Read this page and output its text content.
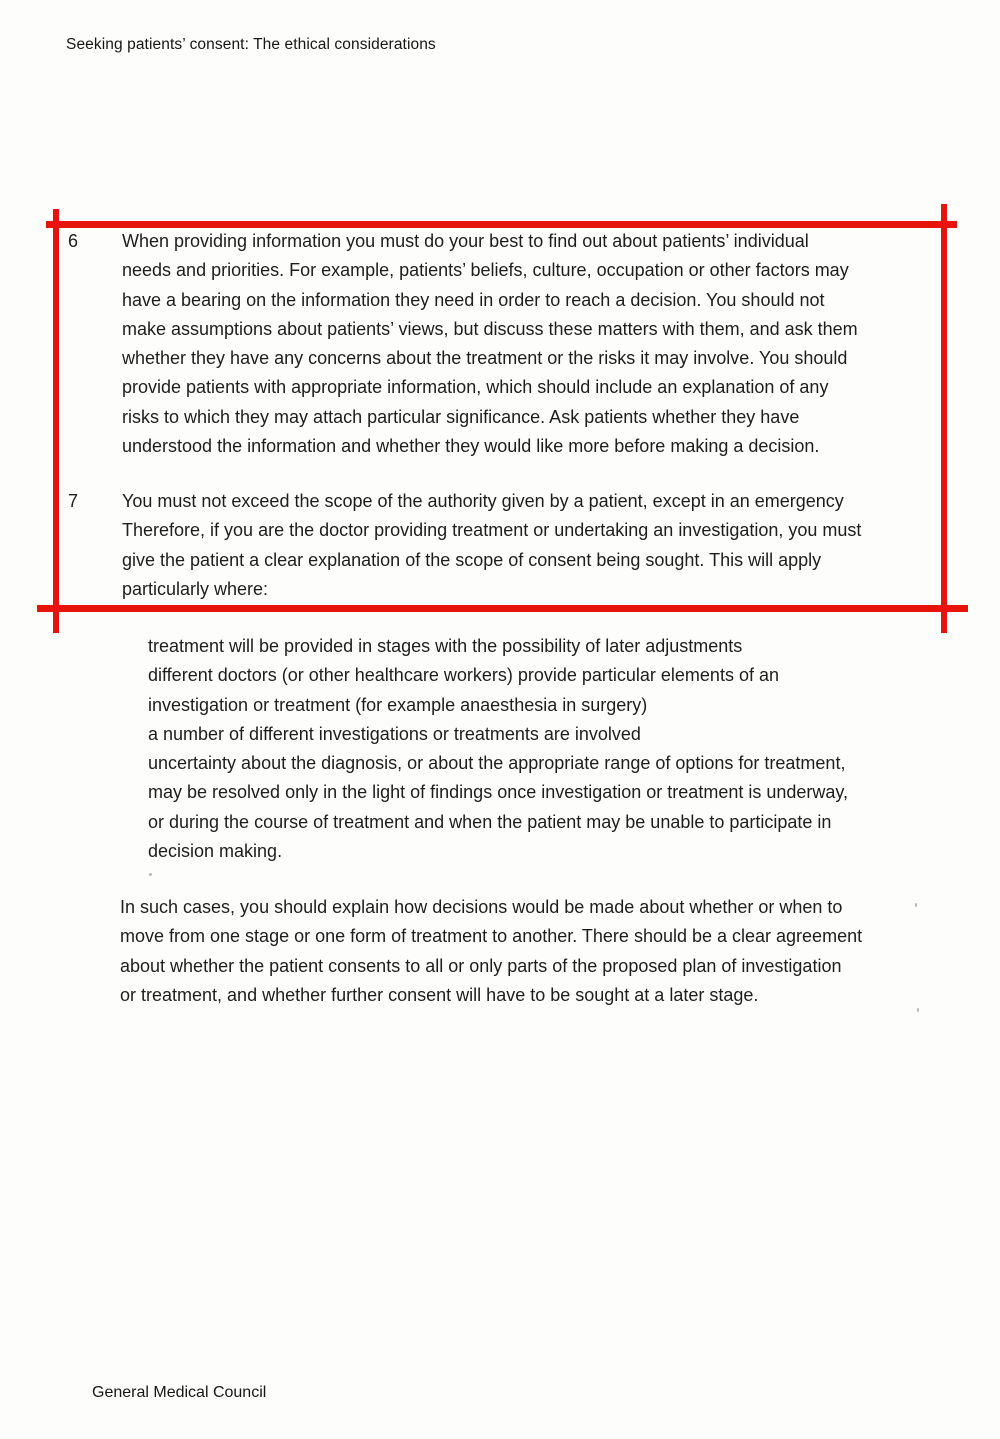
Seeking patients’ consent: The ethical considerations
6 When providing information you must do your best to find out about patients’ individual
needs and priorities. For example, patients’ beliefs, culture, occupation or other factors may
have a bearing on the information they need in order to reach a decision. You should not
make assumptions about patients’ views, but discuss these matters with them, and ask them
whether they have any concerns about the treatment or the risks it may involve. You should
provide patients with appropriate information, which should include an explanation of any
risks to which they may attach particular significance. Ask patients whether they have
understood the information and whether they would like more before making a decision.
7 You must not exceed the scope of the authority given by a patient, except in an emergency
Therefore, if you are the doctor providing treatment or undertaking an investigation, you must
give the patient a clear explanation of the scope of consent being sought. This will apply
particularly where:
treatment will be provided in stages with the possibility of later adjustments
different doctors (or other healthcare workers) provide particular elements of an
investigation or treatment (for example anaesthesia in surgery)
a number of different investigations or treatments are involved
uncertainty about the diagnosis, or about the appropriate range of options for treatment,
may be resolved only in the light of findings once investigation or treatment is underway,
or during the course of treatment and when the patient may be unable to participate in
decision making.
In such cases, you should explain how decisions would be made about whether or when to
move from one stage or one form of treatment to another. There should be a clear agreement
about whether the patient consents to all or only parts of the proposed plan of investigation
or treatment, and whether further consent will have to be sought at a later stage.
General Medical Council
